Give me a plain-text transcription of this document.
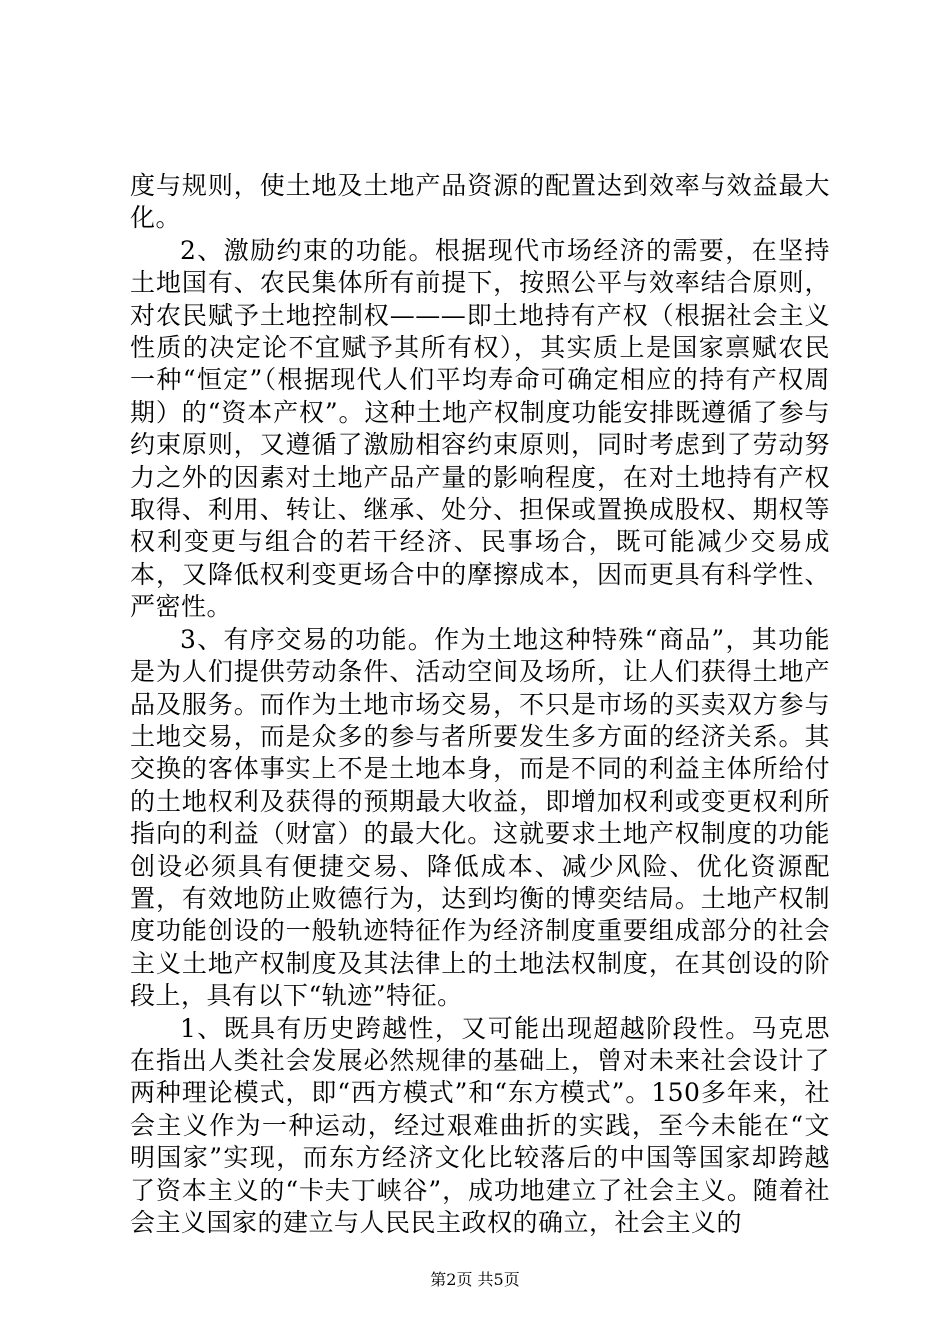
度与规则，使土地及土地产品资源的配置达到效率与效益最大化。

2、激励约束的功能。根据现代市场经济的需要，在坚持土地国有、农民集体所有前提下，按照公平与效率结合原则，对农民赋予土地控制权———即土地持有产权（根据社会主义性质的决定论不宜赋予其所有权），其实质上是国家禀赋农民一种“恒定”（根据现代人们平均寿命可确定相应的持有产权周期）的“资本产权”。这种土地产权制度功能安排既遵循了参与约束原则，又遵循了激励相容约束原则，同时考虑到了劳动努力之外的因素对土地产品产量的影响程度，在对土地持有产权取得、利用、转让、继承、处分、担保或置换成股权、期权等权利变更与组合的若干经济、民事场合，既可能减少交易成本，又降低权利变更场合中的摩擦成本，因而更具有科学性、严密性。

3、有序交易的功能。作为土地这种特殊“商品”，其功能是为人们提供劳动条件、活动空间及场所，让人们获得土地产品及服务。而作为土地市场交易，不只是市场的买卖双方参与土地交易，而是众多的参与者所要发生多方面的经济关系。其交换的客体事实上不是土地本身，而是不同的利益主体所给付的土地权利及获得的预期最大收益，即增加权利或变更权利所指向的利益（财富）的最大化。这就要求土地产权制度的功能创设必须具有便捷交易、降低成本、减少风险、优化资源配置，有效地防止败德行为，达到均衡的博奕结局。土地产权制度功能创设的一般轨迹特征作为经济制度重要组成部分的社会主义土地产权制度及其法律上的土地法权制度，在其创设的阶段上，具有以下“轨迹”特征。

1、既具有历史跨越性，又可能出现超越阶段性。马克思在指出人类社会发展必然规律的基础上，曾对未来社会设计了两种理论模式，即“西方模式”和“东方模式”。150多年来，社会主义作为一种运动，经过艰难曲折的实践，至今未能在“文明国家”实现，而东方经济文化比较落后的中国等国家却跨越了资本主义的“卡夫丁峡谷”，成功地建立了社会主义。随着社会主义国家的建立与人民民主政权的确立，社会主义的

第2页 共5页
